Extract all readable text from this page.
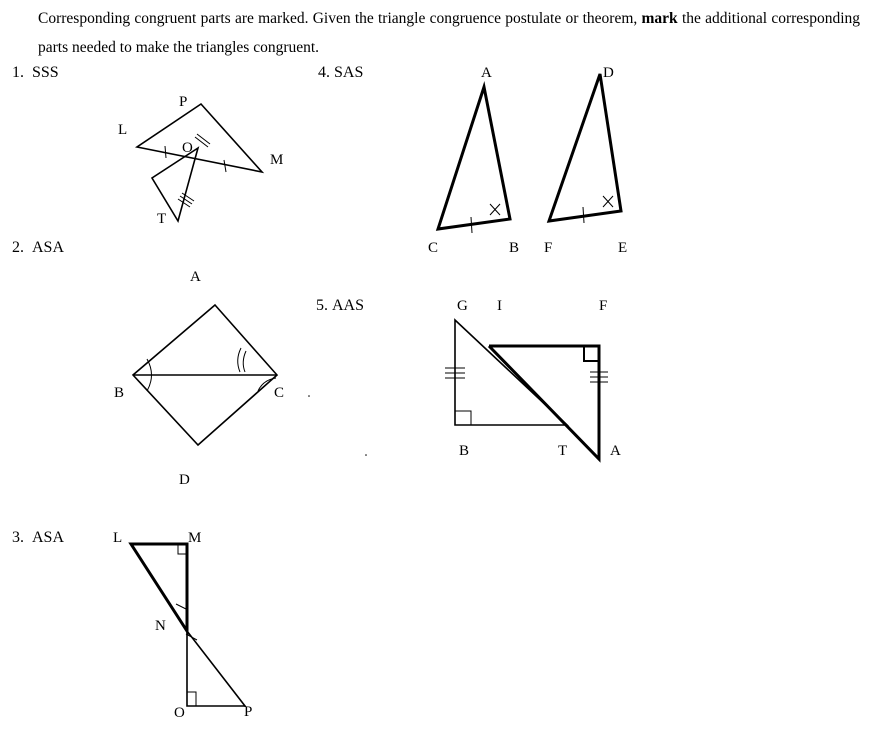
Corresponding congruent parts are marked. Given the triangle congruence postulate or theorem, mark the additional corresponding parts needed to make the triangles congruent.
1. SSS
2. ASA
3. ASA
4. SAS
5. AAS
P
L
O
M
T
A
B	C
D
L	M
N
O	P
A	D
C	B F	E
G I	F
B	T	A
